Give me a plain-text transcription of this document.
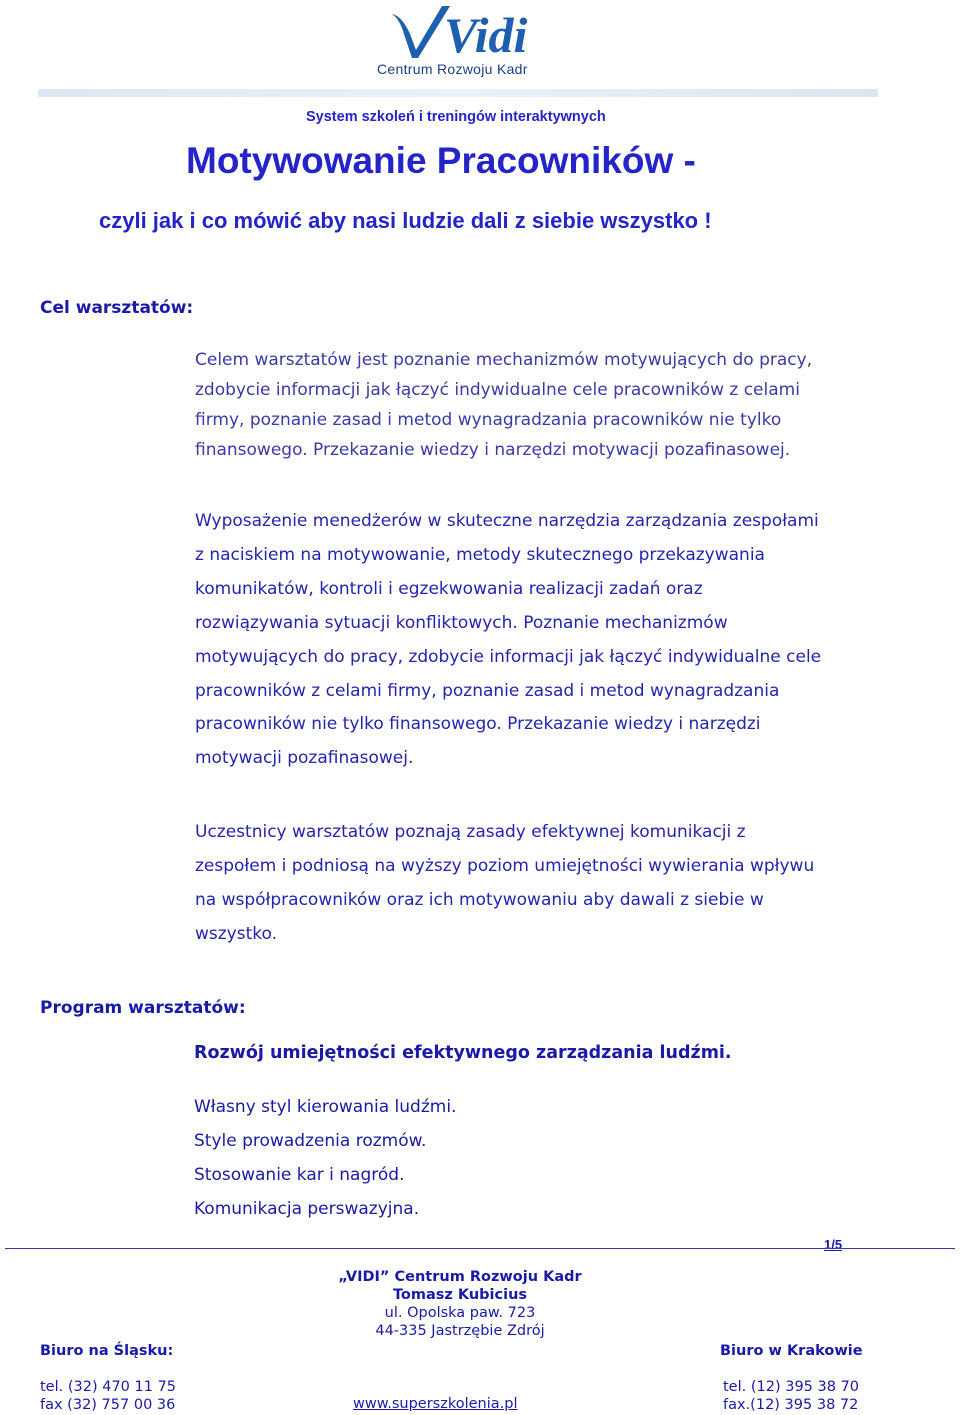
Vidi
Centrum Rozwoju Kadr
System szkoleń i treningów interaktywnych
Motywowanie Pracowników -
czyli jak i co mówić aby nasi ludzie dali z siebie wszystko !
Cel warsztatów:

Celem warsztatów jest poznanie mechanizmów motywujących do pracy,
zdobycie informacji jak łączyć indywidualne cele pracowników z celami
firmy, poznanie zasad i metod wynagradzania pracowników nie tylko
finansowego. Przekazanie wiedzy i narzędzi motywacji pozafinasowej.

Wyposażenie menedżerów w skuteczne narzędzia zarządzania zespołami
z naciskiem na motywowanie, metody skutecznego przekazywania
komunikatów, kontroli i egzekwowania realizacji zadań oraz
rozwiązywania sytuacji konfliktowych. Poznanie mechanizmów
motywujących do pracy, zdobycie informacji jak łączyć indywidualne cele
pracowników z celami firmy, poznanie zasad i metod wynagradzania
pracowników nie tylko finansowego. Przekazanie wiedzy i narzędzi
motywacji pozafinasowej.

Uczestnicy warsztatów poznają zasady efektywnej komunikacji z
zespołem i podniosą na wyższy poziom umiejętności wywierania wpływu
na współpracowników oraz ich motywowaniu aby dawali z siebie w
wszystko.

Program warsztatów:
Rozwój umiejętności efektywnego zarządzania ludźmi.
Własny styl kierowania ludźmi.
Style prowadzenia rozmów.
Stosowanie kar i nagród.
Komunikacja perswazyjna.
1/5
„VIDI” Centrum Rozwoju Kadr
Tomasz Kubicius
ul. Opolska paw. 723
44-335 Jastrzębie Zdrój
Biuro na Śląsku:
tel. (32) 470 11 75
fax (32) 757 00 36
Biuro w Krakowie
tel. (12) 395 38 70
fax.(12) 395 38 72
www.superszkolenia.pl
